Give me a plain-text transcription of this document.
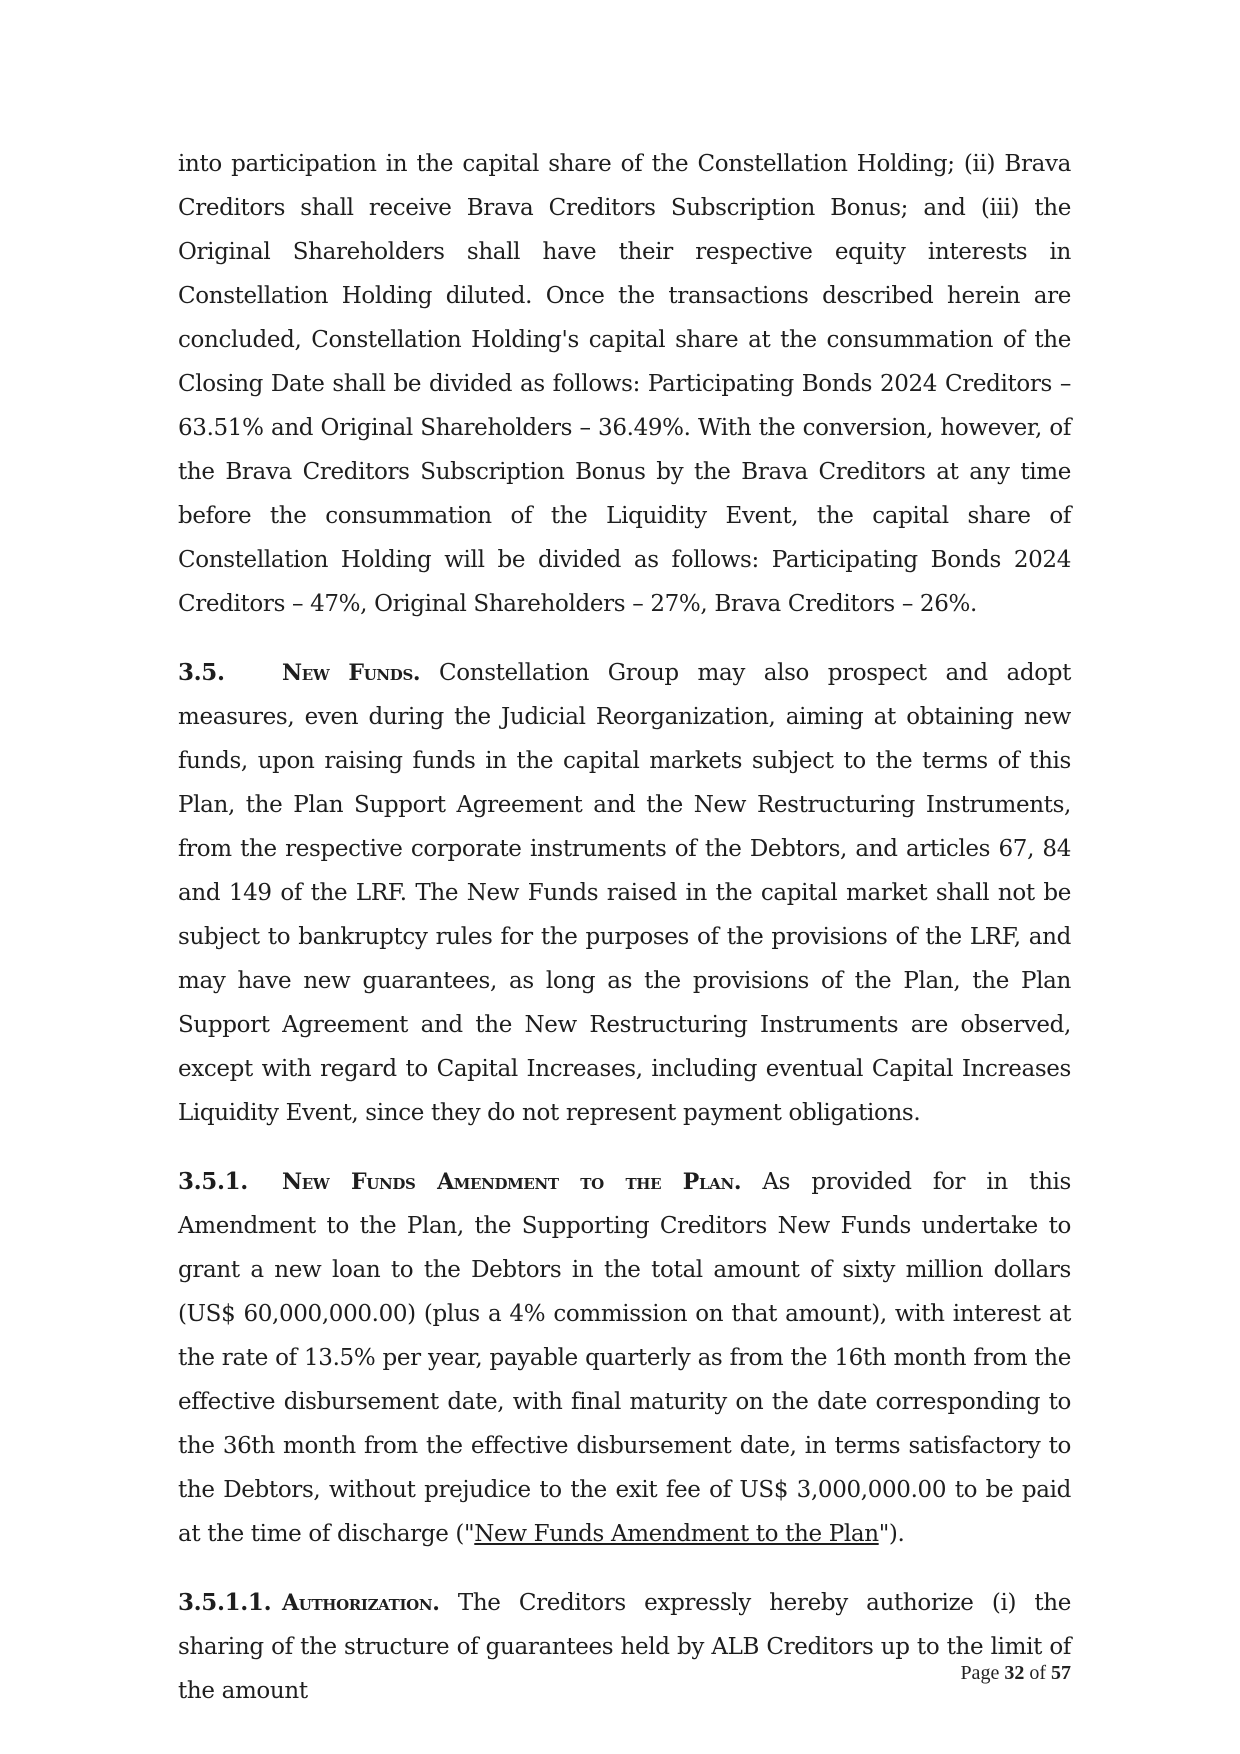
into participation in the capital share of the Constellation Holding; (ii) Brava Creditors shall receive Brava Creditors Subscription Bonus; and (iii) the Original Shareholders shall have their respective equity interests in Constellation Holding diluted. Once the transactions described herein are concluded, Constellation Holding's capital share at the consummation of the Closing Date shall be divided as follows: Participating Bonds 2024 Creditors – 63.51% and Original Shareholders – 36.49%. With the conversion, however, of the Brava Creditors Subscription Bonus by the Brava Creditors at any time before the consummation of the Liquidity Event, the capital share of Constellation Holding will be divided as follows: Participating Bonds 2024 Creditors – 47%, Original Shareholders – 27%, Brava Creditors – 26%.

3.5.	New Funds. Constellation Group may also prospect and adopt measures, even during the Judicial Reorganization, aiming at obtaining new funds, upon raising funds in the capital markets subject to the terms of this Plan, the Plan Support Agreement and the New Restructuring Instruments, from the respective corporate instruments of the Debtors, and articles 67, 84 and 149 of the LRF. The New Funds raised in the capital market shall not be subject to bankruptcy rules for the purposes of the provisions of the LRF, and may have new guarantees, as long as the provisions of the Plan, the Plan Support Agreement and the New Restructuring Instruments are observed, except with regard to Capital Increases, including eventual Capital Increases Liquidity Event, since they do not represent payment obligations.

3.5.1. New Funds Amendment to the Plan. As provided for in this Amendment to the Plan, the Supporting Creditors New Funds undertake to grant a new loan to the Debtors in the total amount of sixty million dollars (US$ 60,000,000.00) (plus a 4% commission on that amount), with interest at the rate of 13.5% per year, payable quarterly as from the 16th month from the effective disbursement date, with final maturity on the date corresponding to the 36th month from the effective disbursement date, in terms satisfactory to the Debtors, without prejudice to the exit fee of US$ 3,000,000.00 to be paid at the time of discharge ("New Funds Amendment to the Plan").

3.5.1.1. Authorization. The Creditors expressly hereby authorize (i) the sharing of the structure of guarantees held by ALB Creditors up to the limit of the amount

Page 32 of 57
